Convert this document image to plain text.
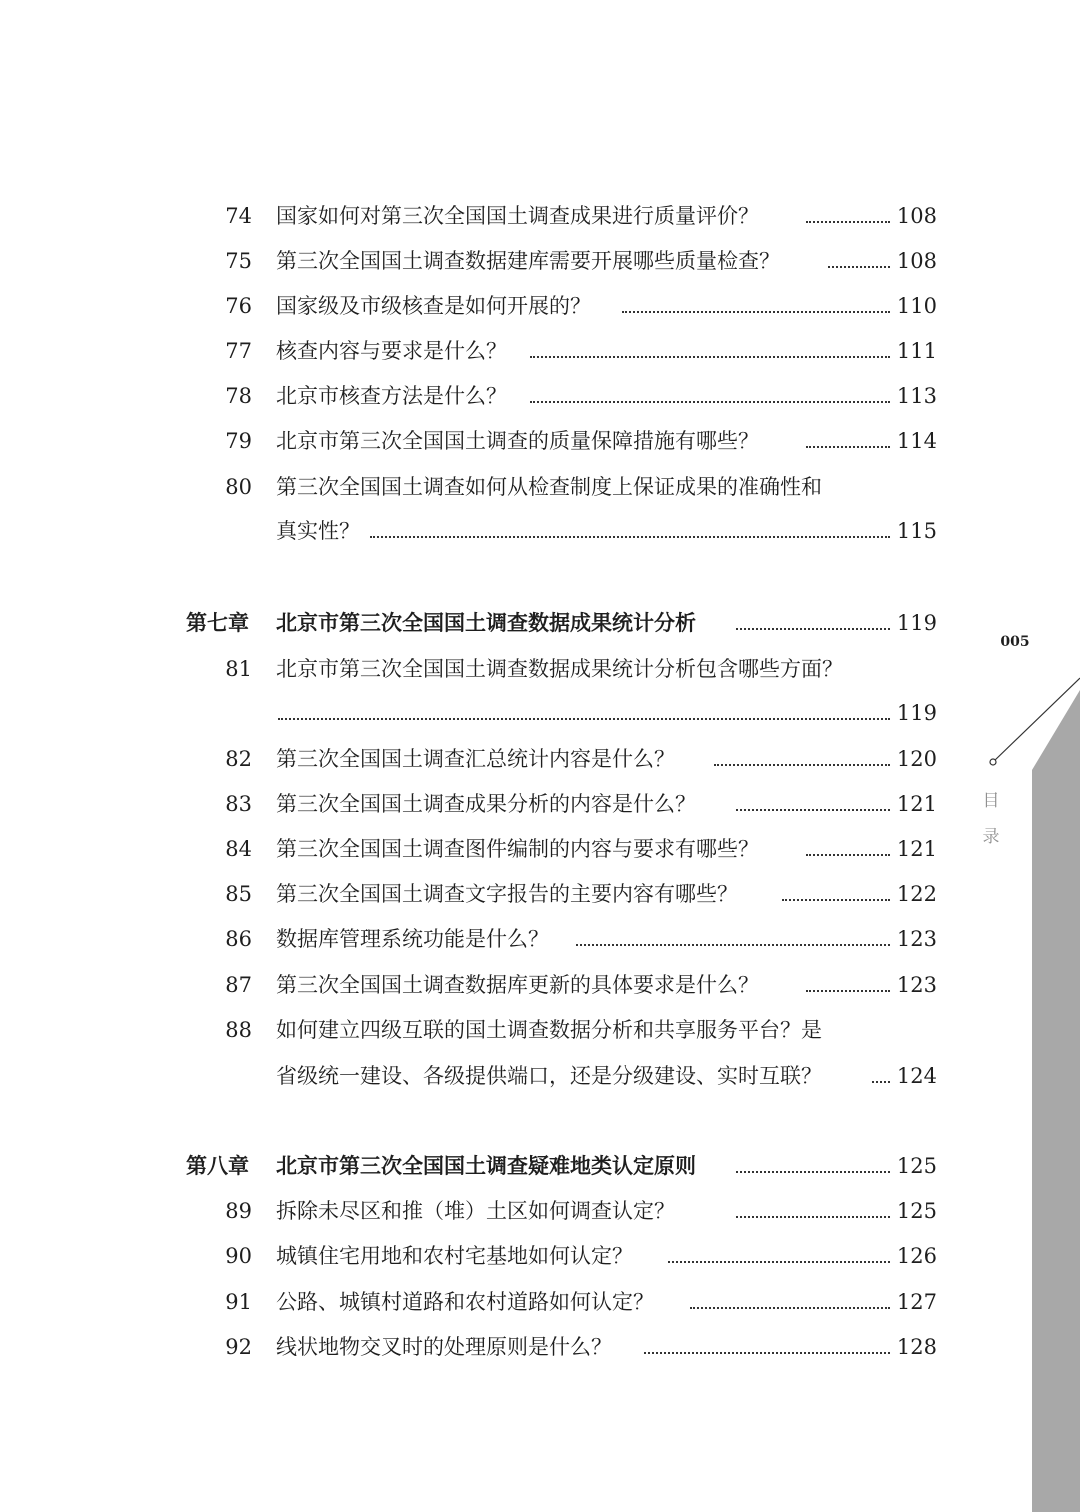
005
目
录
74 国家如何对第三次全国国土调查成果进行质量评价？	108
75 第三次全国国土调查数据建库需要开展哪些质量检查？	108
76 国家级及市级核查是如何开展的？	110
77 核查内容与要求是什么？	111
78 北京市核查方法是什么？	113
79 北京市第三次全国国土调查的质量保障措施有哪些？	114
80 第三次全国国土调查如何从检查制度上保证成果的准确性和
真实性？	115
第七章	北京市第三次全国国土调查数据成果统计分析	119
81 北京市第三次全国国土调查数据成果统计分析包含哪些方面？
119
82 第三次全国国土调查汇总统计内容是什么？	120
83 第三次全国国土调查成果分析的内容是什么？	121
84 第三次全国国土调查图件编制的内容与要求有哪些？	121
85 第三次全国国土调查文字报告的主要内容有哪些？	122
86 数据库管理系统功能是什么？	123
87 第三次全国国土调查数据库更新的具体要求是什么？	123
88 如何建立四级互联的国土调查数据分析和共享服务平台？是
省级统一建设、各级提供端口，还是分级建设、实时互联？	124
第八章	北京市第三次全国国土调查疑难地类认定原则	125
89 拆除未尽区和推（堆）土区如何调查认定？	125
90 城镇住宅用地和农村宅基地如何认定？	126
91 公路、城镇村道路和农村道路如何认定？	127
92 线状地物交叉时的处理原则是什么？	128
